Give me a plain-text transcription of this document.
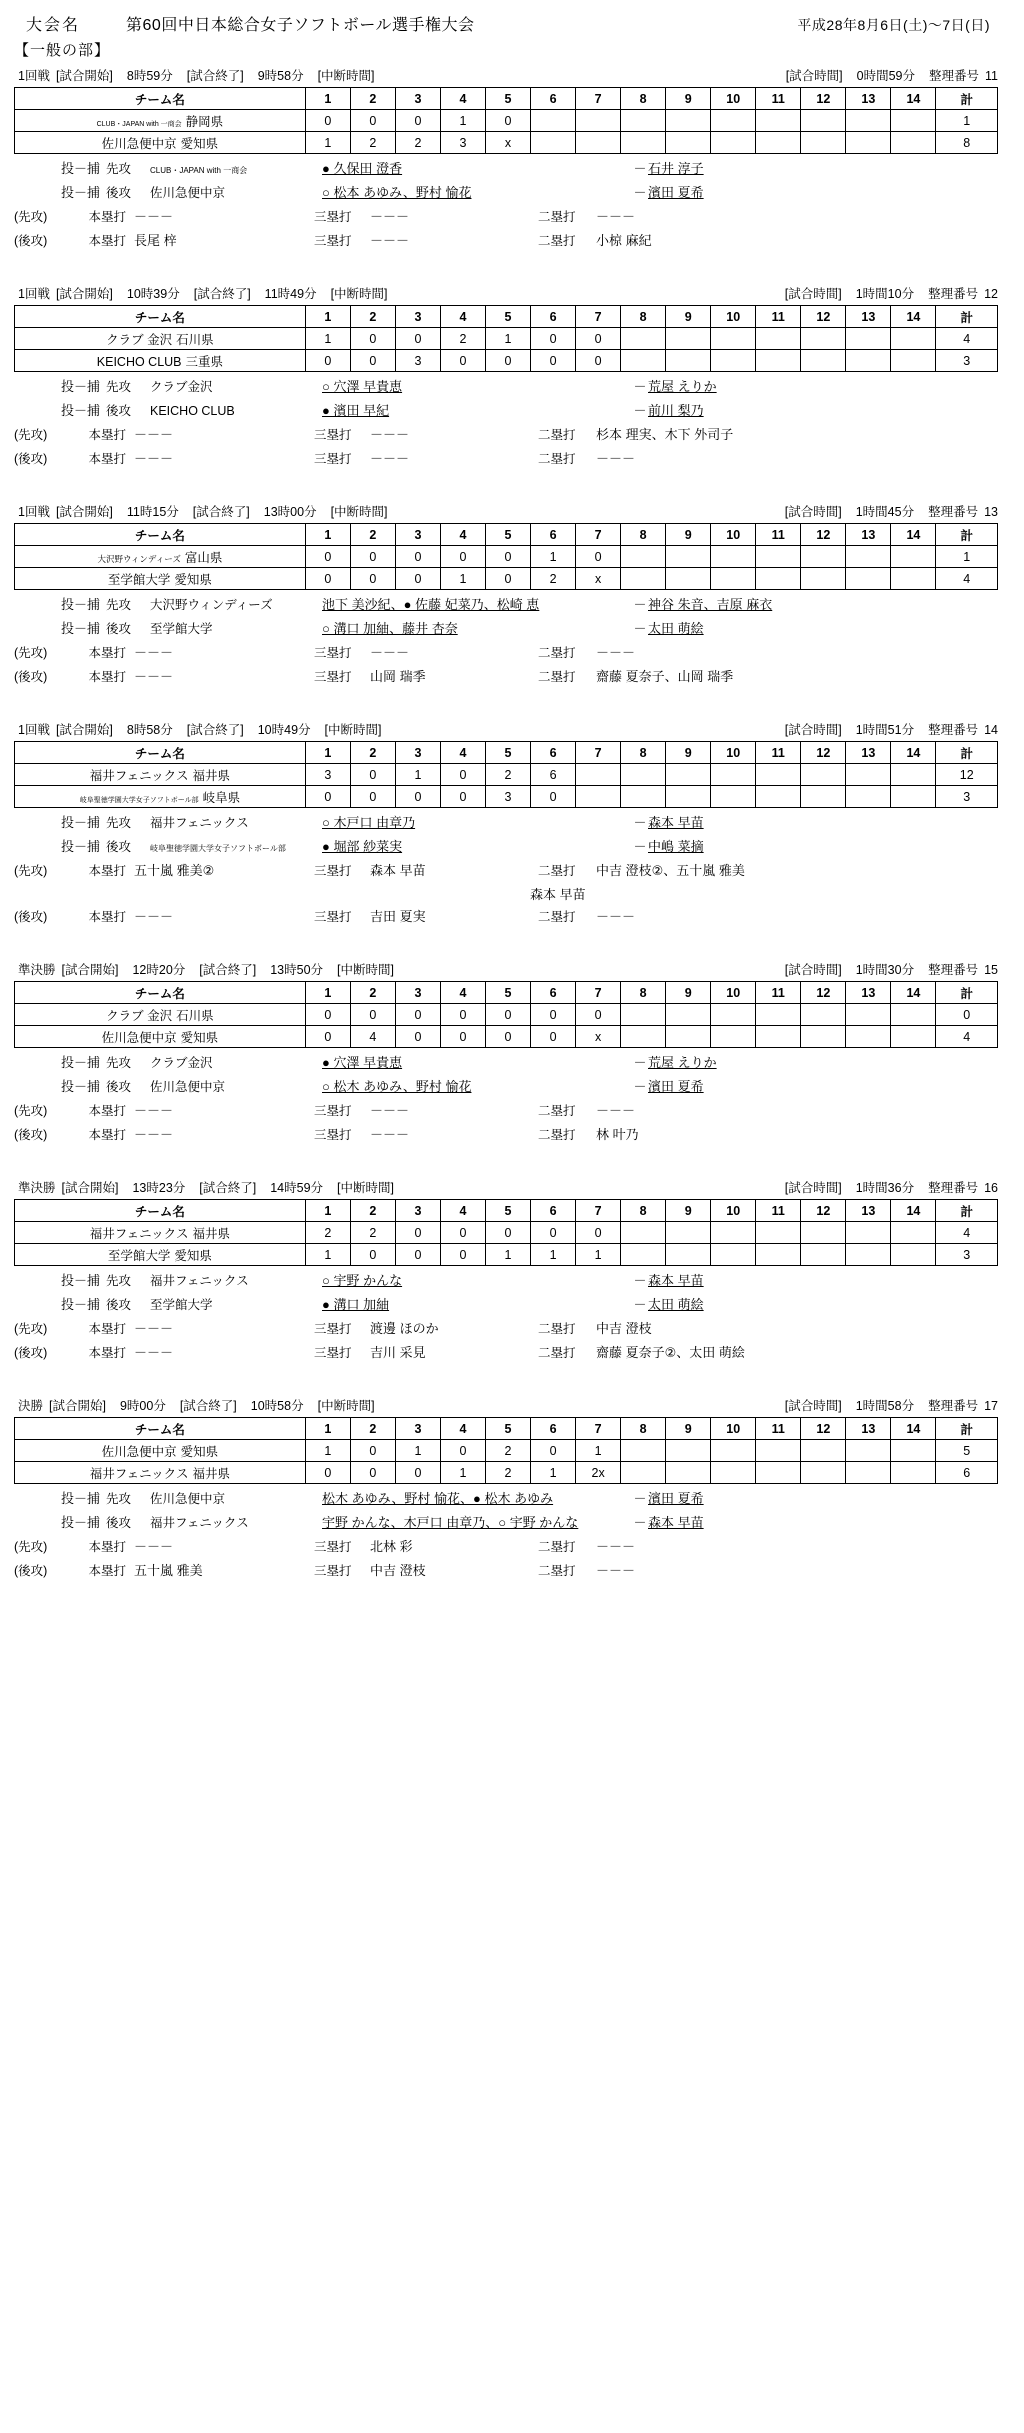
大会名	第60回中日本総合女子ソフトボール選手権大会	平成28年8月6日(土)～7日(日)
【一般の部】
1回戦 [試合開始] 8時59分 [試合終了] 9時58分 [中断時間]	[試合時間] 0時間59分 整理番号 11
チーム名	1	2	3	4	5	6	7	8	9	10	11	12	13	14	計
CLUB・JAPAN with 一商会 静岡県	0	0	0	1	0										1
佐川急便中京 愛知県	1	2	2	3	x										8
投－捕 先攻	CLUB・JAPAN with 一商会	● 久保田 澄香	－ 石井 淳子
投－捕 後攻	佐川急便中京	○ 松本 あゆみ、野村 愉花	－ 濱田 夏希
(先攻)	本塁打 －－－	三塁打	－－－	二塁打	－－－
(後攻)	本塁打 長尾 梓	三塁打	－－－	二塁打	小椋 麻紀
1回戦 [試合開始] 10時39分 [試合終了] 11時49分 [中断時間]	[試合時間] 1時間10分 整理番号 12
チーム名	1	2	3	4	5	6	7	8	9	10	11	12	13	14	計
クラブ 金沢 石川県	1	0	0	2	1	0	0								4
KEICHO CLUB 三重県	0	0	3	0	0	0	0								3
投－捕 先攻	クラブ金沢	○ 穴澤 早貴恵	－ 荒屋 えりか
投－捕 後攻	KEICHO CLUB	● 濱田 早紀	－ 前川 梨乃
(先攻)	本塁打 －－－	三塁打	－－－	二塁打	杉本 理実、木下 外司子
(後攻)	本塁打 －－－	三塁打	－－－	二塁打	－－－
1回戦 [試合開始] 11時15分 [試合終了] 13時00分 [中断時間]	[試合時間] 1時間45分 整理番号 13
チーム名	1	2	3	4	5	6	7	8	9	10	11	12	13	14	計
大沢野ウィンディーズ 富山県	0	0	0	0	0	1	0								1
至学館大学 愛知県	0	0	0	1	0	2	x								4
投－捕 先攻	大沢野ウィンディーズ	池下 美沙紀、● 佐藤 妃菜乃、松崎 恵	－ 神谷 朱音、吉原 麻衣
投－捕 後攻	至学館大学	○ 溝口 加紬、藤井 杏奈	－ 太田 萌絵
(先攻)	本塁打 －－－	三塁打	－－－	二塁打	－－－
(後攻)	本塁打 －－－	三塁打	山岡 瑞季	二塁打	齋藤 夏奈子、山岡 瑞季
1回戦 [試合開始] 8時58分 [試合終了] 10時49分 [中断時間]	[試合時間] 1時間51分 整理番号 14
チーム名	1	2	3	4	5	6	7	8	9	10	11	12	13	14	計
福井フェニックス 福井県	3	0	1	0	2	6									12
岐阜聖徳学園大学女子ソフトボール部 岐阜県	0	0	0	0	3	0									3
投－捕 先攻	福井フェニックス	○ 木戸口 由章乃	－ 森本 早苗
投－捕 後攻	岐阜聖徳学園大学女子ソフトボール部	● 堀部 紗菜実	－ 中嶋 菜摘
(先攻)	本塁打 五十嵐 雅美②	三塁打	森本 早苗	二塁打	中吉 澄枝②、五十嵐 雅美
森本 早苗
(後攻)	本塁打 －－－	三塁打	吉田 夏実	二塁打	－－－
準決勝 [試合開始] 12時20分 [試合終了] 13時50分 [中断時間]	[試合時間] 1時間30分 整理番号 15
チーム名	1	2	3	4	5	6	7	8	9	10	11	12	13	14	計
クラブ 金沢 石川県	0	0	0	0	0	0	0								0
佐川急便中京 愛知県	0	4	0	0	0	0	x								4
投－捕 先攻	クラブ金沢	● 穴澤 早貴恵	－ 荒屋 えりか
投－捕 後攻	佐川急便中京	○ 松木 あゆみ、野村 愉花	－ 濱田 夏希
(先攻)	本塁打 －－－	三塁打	－－－	二塁打	－－－
(後攻)	本塁打 －－－	三塁打	－－－	二塁打	林 叶乃
準決勝 [試合開始] 13時23分 [試合終了] 14時59分 [中断時間]	[試合時間] 1時間36分 整理番号 16
チーム名	1	2	3	4	5	6	7	8	9	10	11	12	13	14	計
福井フェニックス 福井県	2	2	0	0	0	0	0								4
至学館大学 愛知県	1	0	0	0	1	1	1								3
投－捕 先攻	福井フェニックス	○ 宇野 かんな	－ 森本 早苗
投－捕 後攻	至学館大学	● 溝口 加紬	－ 太田 萌絵
(先攻)	本塁打 －－－	三塁打	渡邊 ほのか	二塁打	中吉 澄枝
(後攻)	本塁打 －－－	三塁打	吉川 采見	二塁打	齋藤 夏奈子②、太田 萌絵
決勝 [試合開始] 9時00分 [試合終了] 10時58分 [中断時間]	[試合時間] 1時間58分 整理番号 17
チーム名	1	2	3	4	5	6	7	8	9	10	11	12	13	14	計
佐川急便中京 愛知県	1	0	1	0	2	0	1								5
福井フェニックス 福井県	0	0	0	1	2	1	2x								6
投－捕 先攻	佐川急便中京	松木 あゆみ、野村 愉花、● 松木 あゆみ	－ 濱田 夏希
投－捕 後攻	福井フェニックス	宇野 かんな、木戸口 由章乃、○ 宇野 かんな	－ 森本 早苗
(先攻)	本塁打 －－－	三塁打	北林 彩	二塁打	－－－
(後攻)	本塁打 五十嵐 雅美	三塁打	中吉 澄枝	二塁打	－－－
